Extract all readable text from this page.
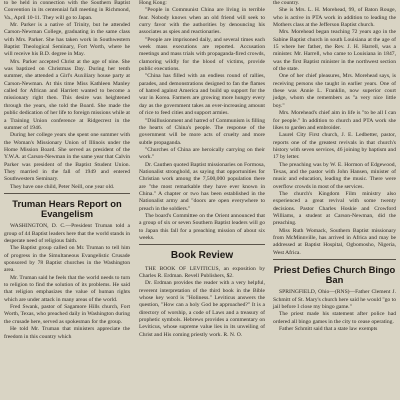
to be held in connection with the Southern Baptist Convention in its centennial fall meeting in Richmond, Va., April 10-11. They will go to Japan.

Mr. Parker is a native of Trinity, but he attended Carson-Newman College, graduating in the same class with Mrs. Parker. She has taken work in Southwestern Baptist Theological Seminary, Fort Worth, where he will receive his B.D. degree in May.

Mrs. Parker accepted Christ at the age of nine. She was baptized on Christmas Day. During her tenth summer, she attended a Girl's Auxiliary house party at Carson-Newman. At this time Miss Kathleen Manley called for African and Harriett wanted to become a missionary right then. This desire was heightened through the years, she told the Board. She made the public dedication of her life to foreign missions while at a Training Union conference at Ridgecrest in the summer of 1946.

During her college years she spent one summer with the Woman's Missionary Union of Illinois under the Home Mission Board. She served as president of the Y.W.A. at Carson-Newman in the same year that Calvin Parker was president of the Baptist Student Union. They married in the fall of 1949 and entered Southwestern Seminary.

They have one child, Peter Neill, one year old.

Truman Hears Report on Evangelism

WASHINGTON, D. C.—President Truman told a group of 44 Baptist leaders here that the world stands in desperate need of religious faith.

The Baptist group called on Mr. Truman to tell him of progress in the Simultaneous Evangelistic Crusade sponsored by 78 Baptist churches in the Washington area.

Mr. Truman said he feels that the world needs to turn to religion to find the solution of its problems. He said that religion emphasizes the value of human rights which are under attack in many areas of the world.

Fred Swank, pastor of Sagamore Hills church, Fort Worth, Texas, who preached daily in Washington during the crusade here, served as spokesman for the group.

He told Mr. Truman that ministers appreciate the freedom in this country which

Hong Kong:

"People in Communist China are living in terrible fear. Nobody knows when an old friend will seek to curry favor with the authorities by denouncing his associates as spies and reactionaries.

"People are imprisoned daily, and several times each week mass executions are reported. Accusation meetings and mass trials with propaganda-fired crowds, clamoring wildly for the blood of victims, provide public executions.

"China has filled with an endless round of rallies, parades, and demonstrations designed to fan the flames of hatred against America and build up support for the war in Korea. Farmers are growing more hungry every day as the government takes an ever-increasing amount of rice to feed cities and support armies.

"Disillusionment and hatred of Communism is filling the hearts of China's people. The response of the government will be more acts of cruelty and more subtle propaganda.

"Churches of China are heroically carrying on their work."

Dr. Cauthen quoted Baptist missionaries on Formosa, Nationalist stronghold, as saying that opportunities for Christian work among the 7,500,000 population there are "the most remarkable they have ever known in China." A chapter or two has been established in the Nationalist army and "doors are open everywhere to preach in the soldiers."

The board's Committee on the Orient announced that a group of six or seven Southern Baptist leaders will go to Japan this fall for a preaching mission of about six weeks.

Book Review

THE BOOK OF LEVITICUS, an exposition by Charles R. Erdman. Revell Publishers, $2.

Dr. Erdman provides the reader with a very helpful, reverent interpretation of the third book in the Bible whose key word is "Holiness." Leviticus answers the question, "How can a holy God be approached?" It is a directory of worship, a code of Laws and a treasury of prophetic symbols. Hebrews provides a commentary on Leviticus, whose supreme value lies in its unveiling of Christ and His coming priestly work. R. N. O.

the country.

She is Mrs. L. H. Morehead, 99, of Baton Rouge, who is active in PTA work in addition to leading the Mothers class at the Jefferson Baptist church.

Mrs. Morehead began teaching 72 years ago in the Sabine Baptist church in south Louisiana at the age of 15 where her father, the Rev. J. H. Harrell, was a minister. Mr. Harrell, who came to Louisiana in 1847, was the first Baptist minister in the northwest section of the state.

One of her chief pleasures, Mrs. Morehead says, is receiving persons she taught in earlier years. One of these was Annie L. Franklin, now superior court judge, whom she remembers as "a very nice little boy."

Mrs. Morehead's chief aim in life is "to be all I can for people." In addition to church and PTA work she likes to garden and embroider.

Laurel City First church, J. E. Ledbetter, pastor, reports one of the greatest revivals in that church's history with seven services, 46 joining by baptism and 17 by letter.

The preaching was by W. E. Hormon of Edgewood, Texas, and the pastor with John Hansen, minister of music and education, leading the music. There were overflow crowds in most of the services.

The church's Kingdom Film ministry also experienced a great revival with some twenty decisions. Pastor Charles Hoskie and Crowford Williams, a student at Carson-Newman, did the preaching.

Miss Ruth Womack, Southern Baptist missionary from McMinnville, has arrived in Africa and may be addressed at Baptist Hospital, Ogbomosho, Nigeria, West Africa.

Priest Defies Church Bingo Ban

SPRINGFIELD, Ohio—(RNS)—Father Clement J. Schmitt of St. Mary's church here said he would "go to jail before I close my bingo game."

The priest made his statement after police had ordered all bingo games in the city to cease operating.

Father Schmitt said that a state law exempts
